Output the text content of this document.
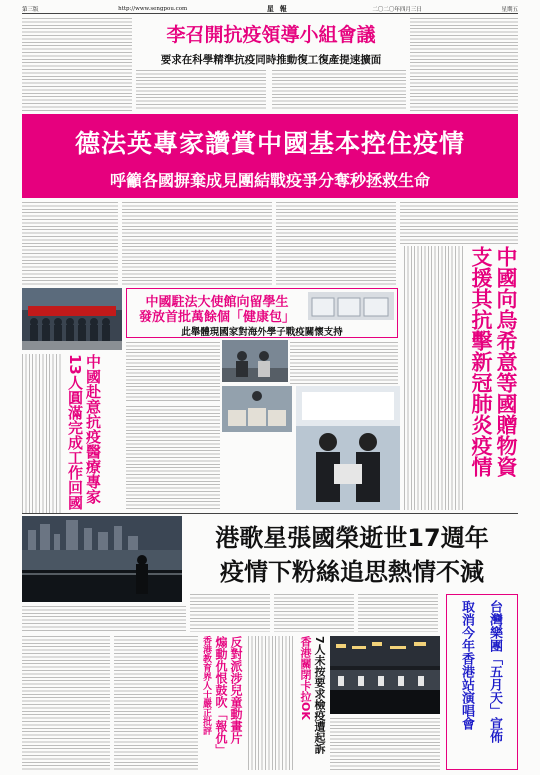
第三版	http://www.sengpou.com	星報	二〇二〇年四月三日	星期五
李召開抗疫領導小組會議
要求在科學精準抗疫同時推動復工復產提速擴面
德法英專家讚賞中國基本控住疫情
呼籲各國摒棄成見團結戰疫爭分奪秒拯救生命
中國赴意抗疫醫療專家
13人圓滿完成工作回國
中國駐法大使館向留學生
發放首批萬餘個「健康包」
此舉體現國家對海外學子戰疫關懷支持	中國向烏希意等國贈物資
支援其抗擊新冠肺炎疫情
港歌星張國榮逝世17週年
疫情下粉絲追思熱情不減
台灣樂團「五月天」宣佈
取消今年香港站演唱會
反對派涉兒童動畫片
煽動仇恨鼓吹「報仇」
香港教育界人士嚴正批評	7人未按要求檢疫遭起訴
香港關閉卡拉OK
